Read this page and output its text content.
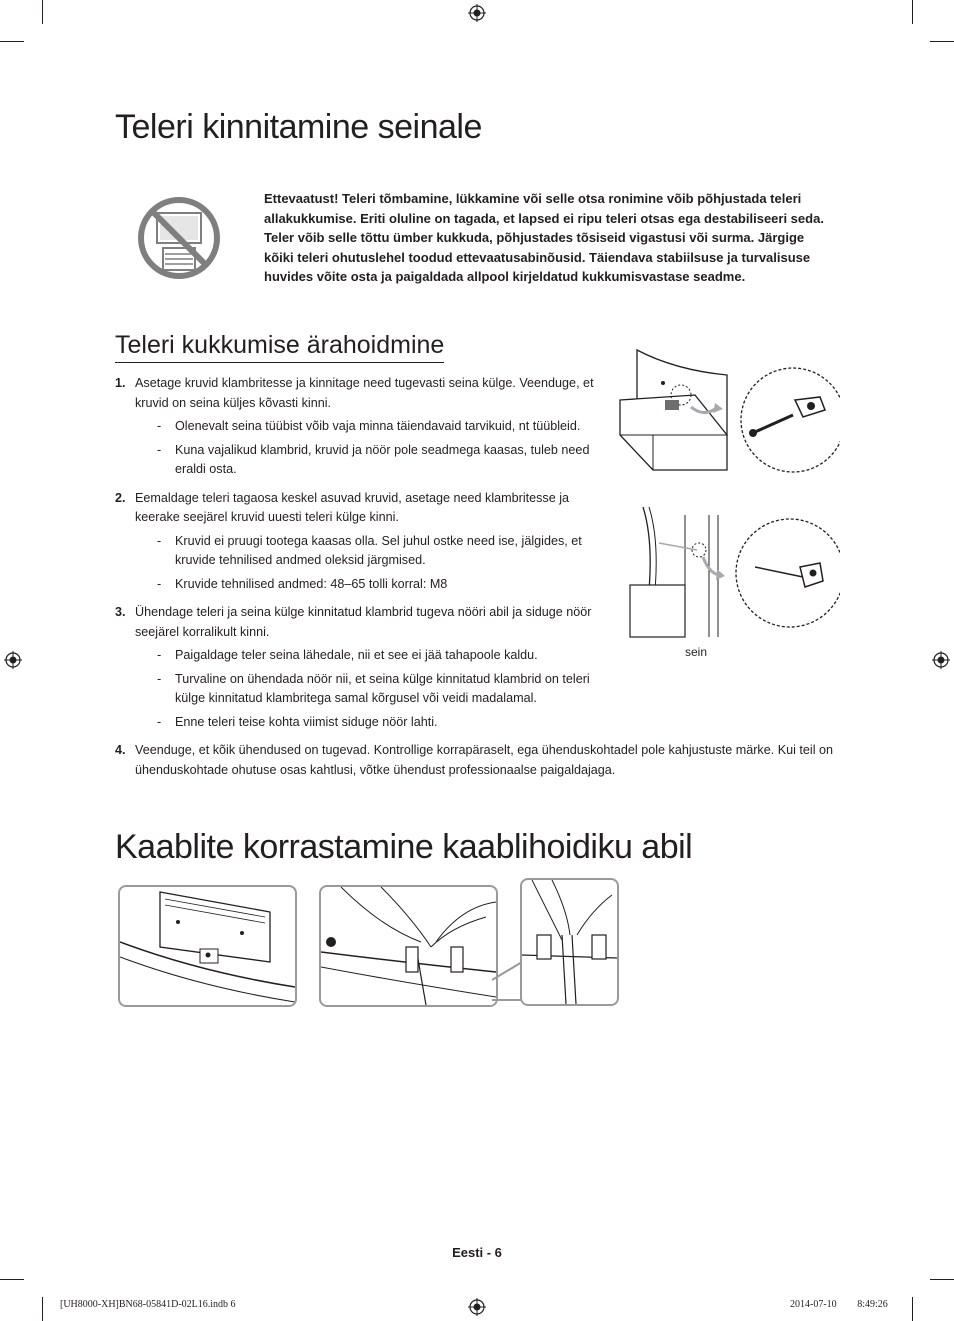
Teleri kinnitamine seinale
Ettevaatust! Teleri tõmbamine, lükkamine või selle otsa ronimine võib põhjustada teleri allakukkumise. Eriti oluline on tagada, et lapsed ei ripu teleri otsas ega destabiliseeri seda. Teler võib selle tõttu ümber kukkuda, põhjustades tõsiseid vigastusi või surma. Järgige kõiki teleri ohutuslehel toodud ettevaatusabinõusid. Täiendava stabiilsuse ja turvalisuse huvides võite osta ja paigaldada allpool kirjeldatud kukkumisvastase seadme.
Teleri kukkumise ärahoidmine
1. Asetage kruvid klambritesse ja kinnitage need tugevasti seina külge. Veenduge, et kruvid on seina küljes kõvasti kinni.
- Olenevalt seina tüübist võib vaja minna täiendavaid tarvikuid, nt tüübleid.
- Kuna vajalikud klambrid, kruvid ja nöör pole seadmega kaasas, tuleb need eraldi osta.
2. Eemaldage teleri tagaosa keskel asuvad kruvid, asetage need klambritesse ja keerake seejärel kruvid uuesti teleri külge kinni.
- Kruvid ei pruugi tootega kaasas olla. Sel juhul ostke need ise, jälgides, et kruvide tehnilised andmed oleksid järgmised.
- Kruvide tehnilised andmed: 48–65 tolli korral: M8
3. Ühendage teleri ja seina külge kinnitatud klambrid tugeva nööri abil ja siduge nöör seejärel korralikult kinni.
- Paigaldage teler seina lähedale, nii et see ei jää tahapoole kaldu.
- Turvaline on ühendada nöör nii, et seina külge kinnitatud klambrid on teleri külge kinnitatud klambritega samal kõrgusel või veidi madalamal.
- Enne teleri teise kohta viimist siduge nöör lahti.
4. Veenduge, et kõik ühendused on tugevad. Kontrollige korrapäraselt, ega ühenduskohtadel pole kahjustuste märke. Kui teil on ühenduskohtade ohutuse osas kahtlusi, võtke ühendust professionaalse paigaldajaga.
sein
Kaablite korrastamine kaablihoidiku abil
Eesti - 6
[UH8000-XH]BN68-05841D-02L16.indb 6	2014-07-10 ￿￿ 8:49:26
